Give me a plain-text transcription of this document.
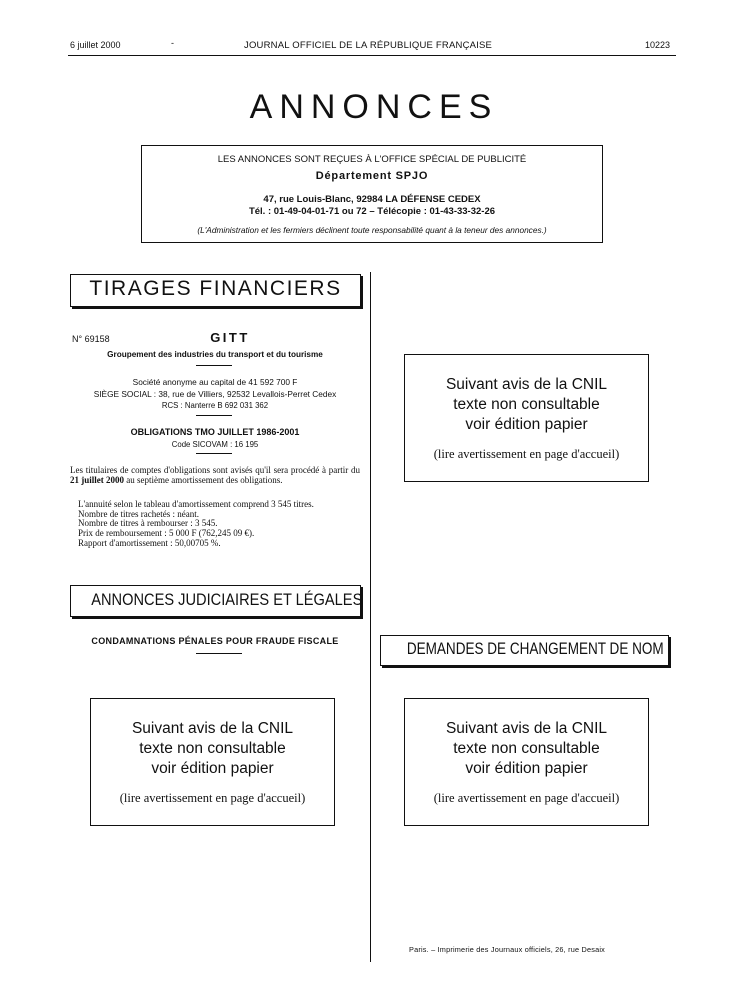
6 juillet 2000	-	JOURNAL OFFICIEL DE LA RÉPUBLIQUE FRANÇAISE	10223
ANNONCES
LES ANNONCES SONT REÇUES À L'OFFICE SPÉCIAL DE PUBLICITÉ
Département SPJO
47, rue Louis-Blanc, 92984 LA DÉFENSE CEDEX
Tél. : 01-49-04-01-71 ou 72 – Télécopie : 01-43-33-32-26
(L'Administration et les fermiers déclinent toute responsabilité quant à la teneur des annonces.)
TIRAGES FINANCIERS
N° 69158	GITT
Groupement des industries du transport et du tourisme
Société anonyme au capital de 41 592 700 F
SIÈGE SOCIAL : 38, rue de Villiers, 92532 Levallois-Perret Cedex
RCS : Nanterre B 692 031 362
OBLIGATIONS TMO JUILLET 1986-2001
Code SICOVAM : 16 195
Les titulaires de comptes d'obligations sont avisés qu'il sera procédé à partir du 21 juillet 2000 au septième amortissement des obligations.
L'annuité selon le tableau d'amortissement comprend 3 545 titres.
Nombre de titres rachetés : néant.
Nombre de titres à rembourser : 3 545.
Prix de remboursement : 5 000 F (762,245 09 €).
Rapport d'amortissement : 50,00705 %.
ANNONCES JUDICIAIRES ET LÉGALES
CONDAMNATIONS PÉNALES POUR FRAUDE FISCALE
Suivant avis de la CNIL
texte non consultable
voir édition papier
(lire avertissement en page d'accueil)
Suivant avis de la CNIL
texte non consultable
voir édition papier
(lire avertissement en page d'accueil)
DEMANDES DE CHANGEMENT DE NOM
Suivant avis de la CNIL
texte non consultable
voir édition papier
(lire avertissement en page d'accueil)
Paris. – Imprimerie des Journaux officiels, 26, rue Desaix
